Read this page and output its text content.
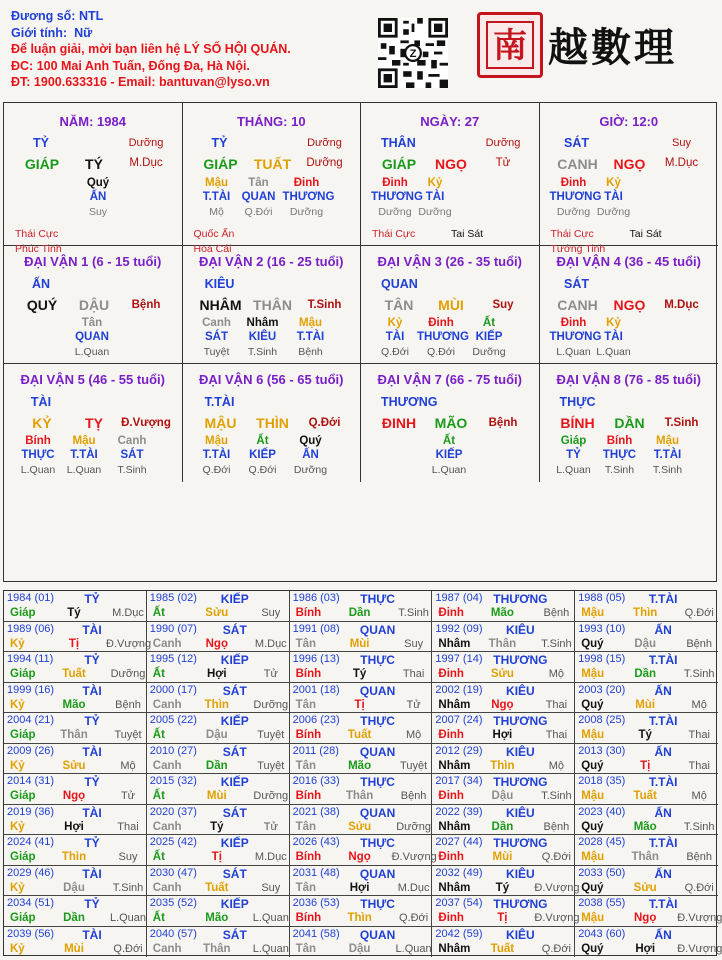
Đương số: NTL
Giới tính: Nữ
Để luận giải, mời bạn liên hệ LÝ SỐ HỘI QUÁN.
ĐC: 100 Mai Anh Tuấn, Đống Đa, Hà Nội.
ĐT: 1900.633316 - Email: bantuvan@lyso.vn
Z 南 越數理
NĂM: 1984
TỶ	Dưỡng
GIÁP	TÝ	M.Dục
Quý
ẤN
Suy
Thái Cực
Phúc Tinh
THÁNG: 10
TỶ	Dưỡng
GIÁP	TUẤT	Dưỡng
Mậu
T.TÀI
Mộ
Tân
QUAN
Q.Đới
Đinh
THƯƠNG
Dưỡng
Quốc Ấn
Hoa Cái
NGÀY: 27
THÂN	Dưỡng
GIÁP	NGỌ	Tử
Đinh
THƯƠNG
Dưỡng
Kỷ
TÀI
Dưỡng
Thái Cực	Tai Sát
GIỜ: 12:0
SÁT	Suy
CANH	NGỌ	M.Dục
Đinh
THƯƠNG
Dưỡng
Kỷ
TÀI
Dưỡng
Thái Cực
Tướng Tinh
Tai Sát
ĐẠI VẬN 1 (6 - 15 tuổi)
ẤN
QUÝ	DẬU	Bệnh
Tân
QUAN
L.Quan
ĐẠI VẬN 2 (16 - 25 tuổi)
KIÊU
NHÂM THÂN	T.Sinh
Canh
SÁT
Tuyệt
Nhâm
KIÊU
T.Sinh
Mậu
T.TÀI
Bệnh
ĐẠI VẬN 3 (26 - 35 tuổi)
QUAN
TÂN	MÙI	Suy
Kỷ
TÀI
Q.Đới
Đinh
THƯƠNG
Q.Đới
Ất
KIẾP
Dưỡng
ĐẠI VẬN 4 (36 - 45 tuổi)
SÁT
CANH	NGỌ	M.Dục
Đinh
THƯƠNG
L.Quan
Kỷ
TÀI
L.Quan
ĐẠI VẬN 5 (46 - 55 tuổi)
TÀI
KỶ	TỴ	Đ.Vượng
Bính
THỰC
L.Quan
Mậu
T.TÀI
L.Quan
Canh
SÁT
T.Sinh
ĐẠI VẬN 6 (56 - 65 tuổi)
T.TÀI
MẬU	THÌN	Q.Đới
Mậu
T.TÀI
Q.Đới
Ất
KIẾP
Q.Đới
Quý
ẤN
Dưỡng
ĐẠI VẬN 7 (66 - 75 tuổi)
THƯƠNG
ĐINH	MÃO	Bệnh
Ất
KIẾP
L.Quan
ĐẠI VẬN 8 (76 - 85 tuổi)
THỰC
BÍNH	DẦN	T.Sinh
Giáp
TỶ
L.Quan
Bính
THỰC
T.Sinh
Mậu
T.TÀI
T.Sinh
1984 (01)	TỶ
Giáp	Tý	M.Dục
1985 (02)	KIẾP
Ất	Sửu	Suy
1986 (03)	THỰC
Bính	Dần	T.Sinh
1987 (04) THƯƠNG
Đinh	Mão	Bệnh
1988 (05)	T.TÀI
Mậu	Thìn	Q.Đới
1989 (06)	TÀI
Kỷ	Tị	Đ.Vượng
1990 (07)	SÁT
Canh	Ngọ	M.Dục
1991 (08)	QUAN
Tân	Mùi	Suy
1992 (09)	KIÊU
Nhâm	Thân	T.Sinh
1993 (10)	ẤN
Quý	Dậu	Bệnh
1994 (11)	TỶ
Giáp	Tuất	Dưỡng
1995 (12)	KIẾP
Ất	Hợi	Tử
1996 (13)	THỰC
Bính	Tý	Thai
1997 (14) THƯƠNG
Đinh	Sửu	Mộ
1998 (15)	T.TÀI
Mậu	Dần	T.Sinh
1999 (16)	TÀI
Kỷ	Mão	Bệnh
2000 (17)	SÁT
Canh	Thìn	Dưỡng
2001 (18)	QUAN
Tân	Tị	Tử
2002 (19)	KIÊU
Nhâm	Ngọ	Thai
2003 (20)	ẤN
Quý	Mùi	Mộ
2004 (21)	TỶ
Giáp	Thân	Tuyệt
2005 (22)	KIẾP
Ất	Dậu	Tuyệt
2006 (23)	THỰC
Bính	Tuất	Mộ
2007 (24) THƯƠNG
Đinh	Hợi	Thai
2008 (25)	T.TÀI
Mậu	Tý	Thai
2009 (26)	TÀI
Kỷ	Sửu	Mộ
2010 (27)	SÁT
Canh	Dần	Tuyệt
2011 (28)	QUAN
Tân	Mão	Tuyệt
2012 (29)	KIÊU
Nhâm	Thìn	Mộ
2013 (30)	ẤN
Quý	Tị	Thai
2014 (31)	TỶ
Giáp	Ngọ	Tử
2015 (32)	KIẾP
Ất	Mùi	Dưỡng
2016 (33)	THỰC
Bính	Thân	Bệnh
2017 (34) THƯƠNG
Đinh	Dậu	T.Sinh
2018 (35)	T.TÀI
Mậu	Tuất	Mộ
2019 (36)	TÀI
Kỷ	Hợi	Thai
2020 (37)	SÁT
Canh	Tý	Tử
2021 (38)	QUAN
Tân	Sửu	Dưỡng
2022 (39)	KIÊU
Nhâm	Dần	Bệnh
2023 (40)	ẤN
Quý	Mão	T.Sinh
2024 (41)	TỶ
Giáp	Thìn	Suy
2025 (42)	KIẾP
Ất	Tị	M.Dục
2026 (43)	THỰC
Bính	Ngọ	Đ.Vượng
2027 (44) THƯƠNG
Đinh	Mùi	Q.Đới
2028 (45)	T.TÀI
Mậu	Thân	Bệnh
2029 (46)	TÀI
Kỷ	Dậu	T.Sinh
2030 (47)	SÁT
Canh	Tuất	Suy
2031 (48)	QUAN
Tân	Hợi	M.Dục
2032 (49)	KIÊU
Nhâm	Tý	Đ.Vượng
2033 (50)	ẤN
Quý	Sửu	Q.Đới
2034 (51)	TỶ
Giáp	Dần	L.Quan
2035 (52)	KIẾP
Ất	Mão	L.Quan
2036 (53)	THỰC
Bính	Thìn	Q.Đới
2037 (54) THƯƠNG
Đinh	Tị	Đ.Vượng
2038 (55)	T.TÀI
Mậu	Ngọ	Đ.Vượng
2039 (56)	TÀI
Kỷ	Mùi	Q.Đới
2040 (57)	SÁT
Canh	Thân	L.Quan
2041 (58)	QUAN
Tân	Dậu	L.Quan
2042 (59)	KIÊU
Nhâm	Tuất	Q.Đới
2043 (60)	ẤN
Quý	Hợi	Đ.Vượng
